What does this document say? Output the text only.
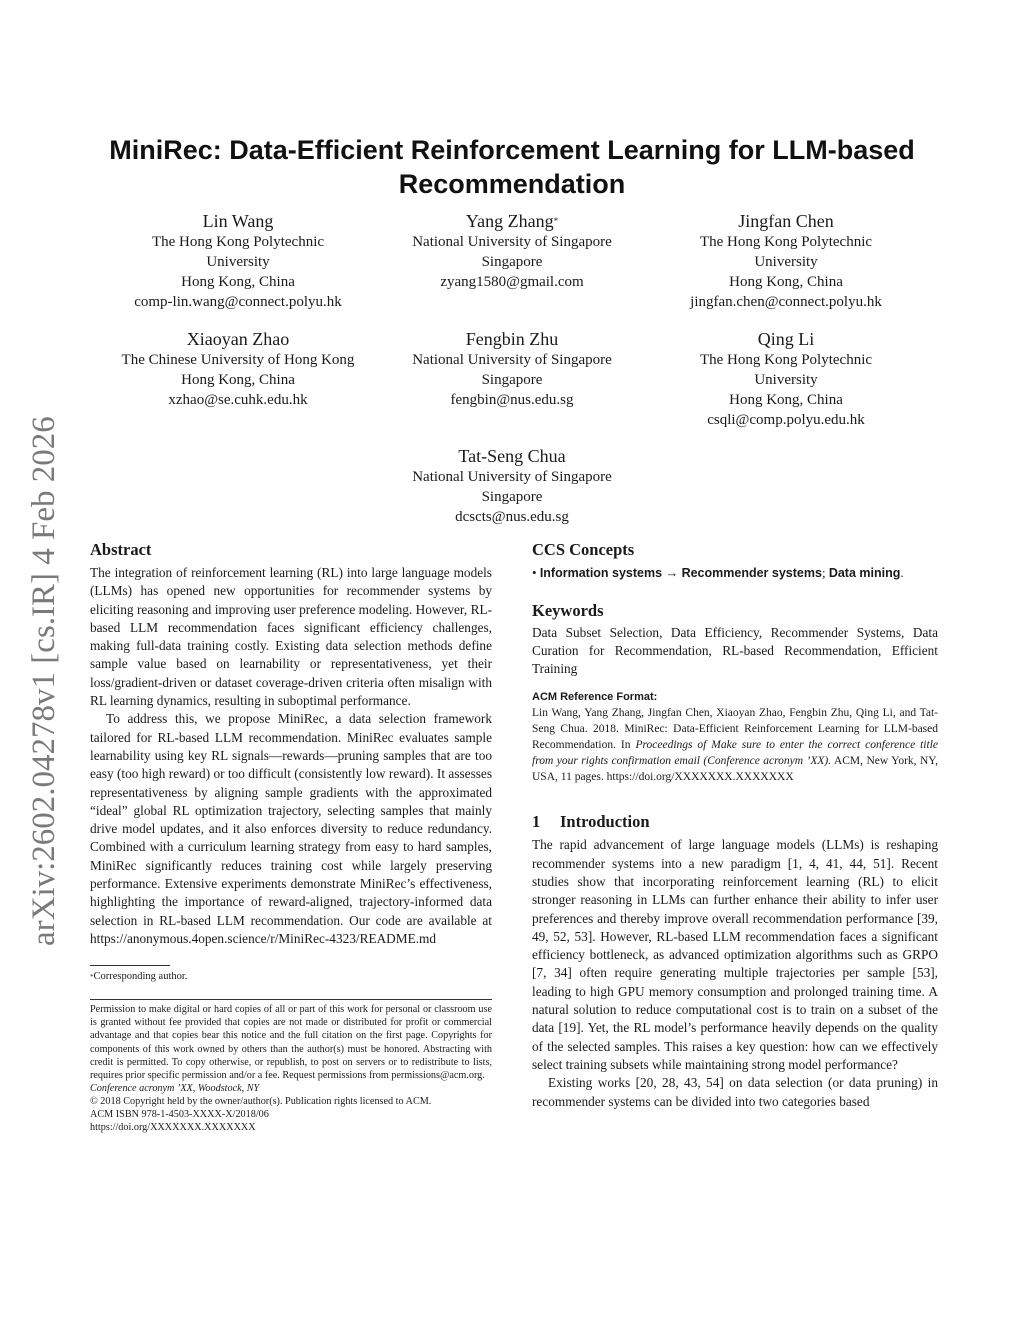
arXiv:2602.04278v1 [cs.IR] 4 Feb 2026
MiniRec: Data-Efficient Reinforcement Learning for LLM-based Recommendation
Lin Wang
The Hong Kong Polytechnic
University
Hong Kong, China
comp-lin.wang@connect.polyu.hk
Yang Zhang*
National University of Singapore
Singapore
zyang1580@gmail.com
Jingfan Chen
The Hong Kong Polytechnic
University
Hong Kong, China
jingfan.chen@connect.polyu.hk
Xiaoyan Zhao
The Chinese University of Hong Kong
Hong Kong, China
xzhao@se.cuhk.edu.hk
Fengbin Zhu
National University of Singapore
Singapore
fengbin@nus.edu.sg
Qing Li
The Hong Kong Polytechnic
University
Hong Kong, China
csqli@comp.polyu.edu.hk
Tat-Seng Chua
National University of Singapore
Singapore
dcscts@nus.edu.sg
Abstract

The integration of reinforcement learning (RL) into large language models (LLMs) has opened new opportunities for recommender systems by eliciting reasoning and improving user preference modeling. However, RL-based LLM recommendation faces significant efficiency challenges, making full-data training costly. Existing data selection methods define sample value based on learnability or representativeness, yet their loss/gradient-driven or dataset coverage-driven criteria often misalign with RL learning dynamics, resulting in suboptimal performance.

To address this, we propose MiniRec, a data selection framework tailored for RL-based LLM recommendation. MiniRec evaluates sample learnability using key RL signals—rewards—pruning samples that are too easy (too high reward) or too difficult (consistently low reward). It assesses representativeness by aligning sample gradients with the approximated “ideal” global RL optimization trajectory, selecting samples that mainly drive model updates, and it also enforces diversity to reduce redundancy. Combined with a curriculum learning strategy from easy to hard samples, MiniRec significantly reduces training cost while largely preserving performance. Extensive experiments demonstrate MiniRec’s effectiveness, highlighting the importance of reward-aligned, trajectory-informed data selection in RL-based LLM recommendation. Our code are available at https://anonymous.4open.science/r/MiniRec-4323/README.md

*Corresponding author.

Permission to make digital or hard copies of all or part of this work for personal or classroom use is granted without fee provided that copies are not made or distributed for profit or commercial advantage and that copies bear this notice and the full citation on the first page. Copyrights for components of this work owned by others than the author(s) must be honored. Abstracting with credit is permitted. To copy otherwise, or republish, to post on servers or to redistribute to lists, requires prior specific permission and/or a fee. Request permissions from permissions@acm.org.

Conference acronym ’XX, Woodstock, NY

© 2018 Copyright held by the owner/author(s). Publication rights licensed to ACM.

ACM ISBN 978-1-4503-XXXX-X/2018/06

https://doi.org/XXXXXXX.XXXXXXX

CCS Concepts

• Information systems → Recommender systems; Data mining.

Keywords

Data Subset Selection, Data Efficiency, Recommender Systems, Data Curation for Recommendation, RL-based Recommendation, Efficient Training

ACM Reference Format:

Lin Wang, Yang Zhang, Jingfan Chen, Xiaoyan Zhao, Fengbin Zhu, Qing Li, and Tat-Seng Chua. 2018. MiniRec: Data-Efficient Reinforcement Learning for LLM-based Recommendation. In Proceedings of Make sure to enter the correct conference title from your rights confirmation email (Conference acronym ’XX). ACM, New York, NY, USA, 11 pages. https://doi.org/XXXXXXX.XXXXXXX

1 Introduction

The rapid advancement of large language models (LLMs) is reshaping recommender systems into a new paradigm [1, 4, 41, 44, 51]. Recent studies show that incorporating reinforcement learning (RL) to elicit stronger reasoning in LLMs can further enhance their ability to infer user preferences and thereby improve overall recommendation performance [39, 49, 52, 53]. However, RL-based LLM recommendation faces a significant efficiency bottleneck, as advanced optimization algorithms such as GRPO [7, 34] often require generating multiple trajectories per sample [53], leading to high GPU memory consumption and prolonged training time. A natural solution to reduce computational cost is to train on a subset of the data [19]. Yet, the RL model’s performance heavily depends on the quality of the selected samples. This raises a key question: how can we effectively select training subsets while maintaining strong model performance?

Existing works [20, 28, 43, 54] on data selection (or data pruning) in recommender systems can be divided into two categories based
